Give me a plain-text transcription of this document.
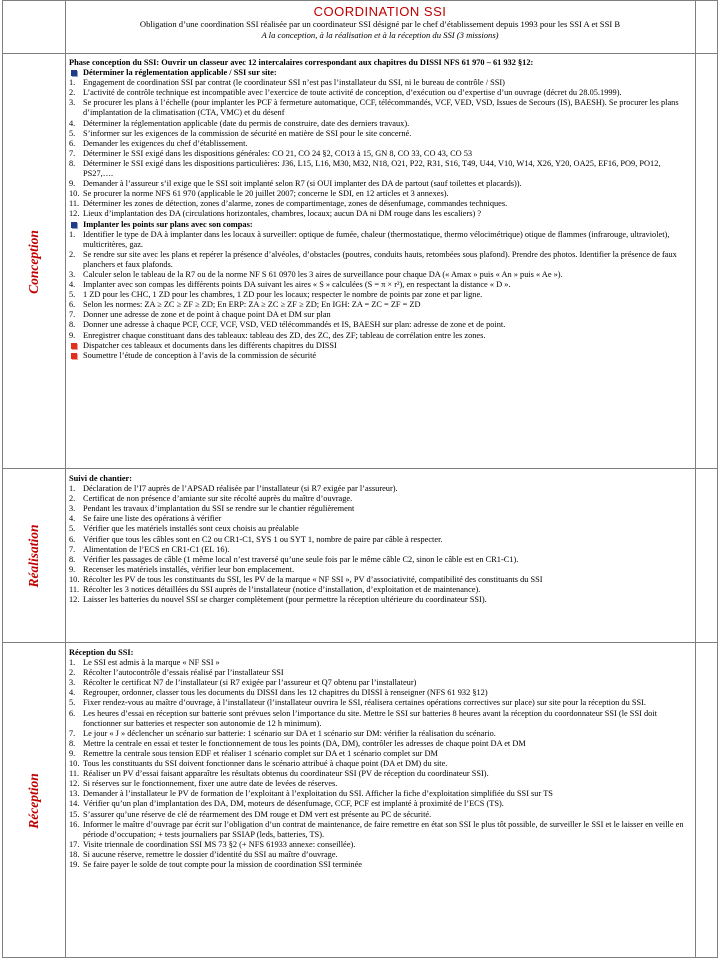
COORDINATION SSI
Obligation d’une coordination SSI réalisée par un coordinateur SSI désigné par le chef d’établissement depuis 1993 pour les SSI A et SSI B
A la conception, à la réalisation et à la réception du SSI (3 missions)
Conception

Phase conception du SSI: Ouvrir un classeur avec 12 intercalaires correspondant aux chapitres du DISSI NFS 61 970 – 61 932 §12:

Déterminer la réglementation applicable / SSI sur site:
1. Engagement de coordination SSI par contrat (le coordinateur SSI n’est pas l’installateur du SSI, ni le bureau de contrôle / SSI)
2. L’activité de contrôle technique est incompatible avec l’exercice de toute activité de conception, d’exécution ou d’expertise d’un ouvrage (décret du 28.05.1999).
3. Se procurer les plans à l’échelle (pour implanter les PCF à fermeture automatique, CCF, télécommandés, VCF, VED, VSD, Issues de Secours (IS), BAESH). Se procurer les plans d’implantation de la climatisation (CTA, VMC) et du désenf
4. Déterminer la réglementation applicable (date du permis de construire, date des derniers travaux).
5. S’informer sur les exigences de la commission de sécurité en matière de SSI pour le site concerné.
6. Demander les exigences du chef d’établissement.
7. Déterminer le SSI exigé dans les dispositions générales: CO 21, CO 24 §2, CO13 à 15, GN 8, CO 33, CO 43, CO 53
8. Déterminer le SSI exigé dans les dispositions particulières: J36, L15, L16, M30, M32, N18, O21, P22, R31, S16, T49, U44, V10, W14, X26, Y20, OA25, EF16, PO9, PO12, PS27,….
9. Demander à l’assureur s’il exige que le SSI soit implanté selon R7 (si OUI implanter des DA de partout (sauf toilettes et placards)).
10. Se procurer la norme NFS 61 970 (applicable le 20 juillet 2007; concerne le SDI, en 12 articles et 3 annexes).
11. Déterminer les zones de détection, zones d’alarme, zones de compartimentage, zones de désenfumage, commandes techniques.
12. Lieux d’implantation des DA (circulations horizontales, chambres, locaux; aucun DA ni DM rouge dans les escaliers) ?
Implanter les points sur plans avec son compas:
1. Identifier le type de DA à implanter dans les locaux à surveiller: optique de fumée, chaleur (thermostatique, thermo vélocimétrique) otique de flammes (infrarouge, ultraviolet), multicritères, gaz.
2. Se rendre sur site avec les plans et repérer la présence d’alvéoles, d’obstacles (poutres, conduits hauts, retombées sous plafond). Prendre des photos. Identifier la présence de faux planchers et faux plafonds.
3. Calculer selon le tableau de la R7 ou de la norme NF S 61 0970 les 3 aires de surveillance pour chaque DA (« Amax » puis « An » puis « Ae »).
4. Implanter avec son compas les différents points DA suivant les aires « S » calculées (S = π × r²), en respectant la distance « D ».
5. 1 ZD pour les CHC, 1 ZD pour les chambres, 1 ZD pour les locaux; respecter le nombre de points par zone et par ligne.
6. Selon les normes: ZA ≥ ZC ≥ ZF ≥ ZD; En ERP: ZA ≥ ZC ≥ ZF ≥ ZD; En IGH: ZA = ZC = ZF = ZD
7. Donner une adresse de zone et de point à chaque point DA et DM sur plan
8. Donner une adresse à chaque PCF, CCF, VCF, VSD, VED télécommandés et IS, BAESH sur plan: adresse de zone et de point.
9. Enregistrer chaque constituant dans des tableaux: tableau des ZD, des ZC, des ZF; tableau de corrélation entre les zones.
Dispatcher ces tableaux et documents dans les différents chapitres du DISSI
Soumettre l’étude de conception à l’avis de la commission de sécurité
Réalisation

Suivi de chantier:

1. Déclaration de l’I7 auprès de l’APSAD réalisée par l’installateur (si R7 exigée par l’assureur).
2. Certificat de non présence d’amiante sur site récolté auprès du maître d’ouvrage.
3. Pendant les travaux d’implantation du SSI se rendre sur le chantier régulièrement
4. Se faire une liste des opérations à vérifier
5. Vérifier que les matériels installés sont ceux choisis au préalable
6. Vérifier que tous les câbles sont en C2 ou CR1-C1, SYS 1 ou SYT 1, nombre de paire par câble à respecter.
7. Alimentation de l’ECS en CR1-C1 (EL 16).
8. Vérifier les passages de câble (1 même local n’est traversé qu’une seule fois par le même câble C2, sinon le câble est en CR1-C1).
9. Recenser les matériels installés, vérifier leur bon emplacement.
10. Récolter les PV de tous les constituants du SSI, les PV de la marque « NF SSI », PV d’associativité, compatibilité des constituants du SSI
11. Récolter les 3 notices détaillées du SSI auprès de l’installateur (notice d’installation, d’exploitation et de maintenance).
12. Laisser les batteries du nouvel SSI se charger complètement (pour permettre la réception ultérieure du coordinateur SSI).
Réception

Réception du SSI:

1. Le SSI est admis à la marque « NF SSI »
2. Récolter l’autocontrôle d’essais réalisé par l’installateur SSI
3. Récolter le certificat N7 de l’installateur (si R7 exigée par l’assureur et Q7 obtenu par l’installateur)
4. Regrouper, ordonner, classer tous les documents du DISSI dans les 12 chapitres du DISSI à renseigner (NFS 61 932 §12)
5. Fixer rendez-vous au maître d’ouvrage, à l’installateur (l’installateur ouvrira le SSI, réalisera certaines opérations correctives sur place) sur site pour la réception du SSI.
6. Les heures d’essai en réception sur batterie sont prévues selon l’importance du site. Mettre le SSI sur batteries 8 heures avant la réception du coordonnateur SSI (le SSI doit fonctionner sur batteries et respecter son autonomie de 12 h minimum).
7. Le jour « J » déclencher un scénario sur batterie: 1 scénario sur DA et 1 scénario sur DM: vérifier la réalisation du scénario.
8. Mettre la centrale en essai et tester le fonctionnement de tous les points (DA, DM), contrôler les adresses de chaque point DA et DM
9. Remettre la centrale sous tension EDF et réaliser 1 scénario complet sur DA et 1 scénario complet sur DM
10. Tous les constituants du SSI doivent fonctionner dans le scénario attribué à chaque point (DA et DM) du site.
11. Réaliser un PV d’essai faisant apparaître les résultats obtenus du coordinateur SSI (PV de réception du coordinateur SSI).
12. Si réserves sur le fonctionnement, fixer une autre date de levées de réserves.
13. Demander à l’installateur le PV de formation de l’exploitant à l’exploitation du SSI. Afficher la fiche d’exploitation simplifiée du SSI sur TS
14. Vérifier qu’un plan d’implantation des DA, DM, moteurs de désenfumage, CCF, PCF est implanté à proximité de l’ECS (TS).
15. S’assurer qu’une réserve de clé de réarmement des DM rouge et DM vert est présente au PC de sécurité.
16. Informer le maître d’ouvrage par écrit sur l’obligation d’un contrat de maintenance, de faire remettre en état son SSI le plus tôt possible, de surveiller le SSI et le laisser en veille en période d’occupation; + tests journaliers par SSIAP (leds, batteries, TS).
17. Visite triennale de coordination SSI MS 73 §2 (+ NFS 61933 annexe: conseillée).
18. Si aucune réserve, remettre le dossier d’identité du SSI au maître d’ouvrage.
19. Se faire payer le solde de tout compte pour la mission de coordination SSI terminée
